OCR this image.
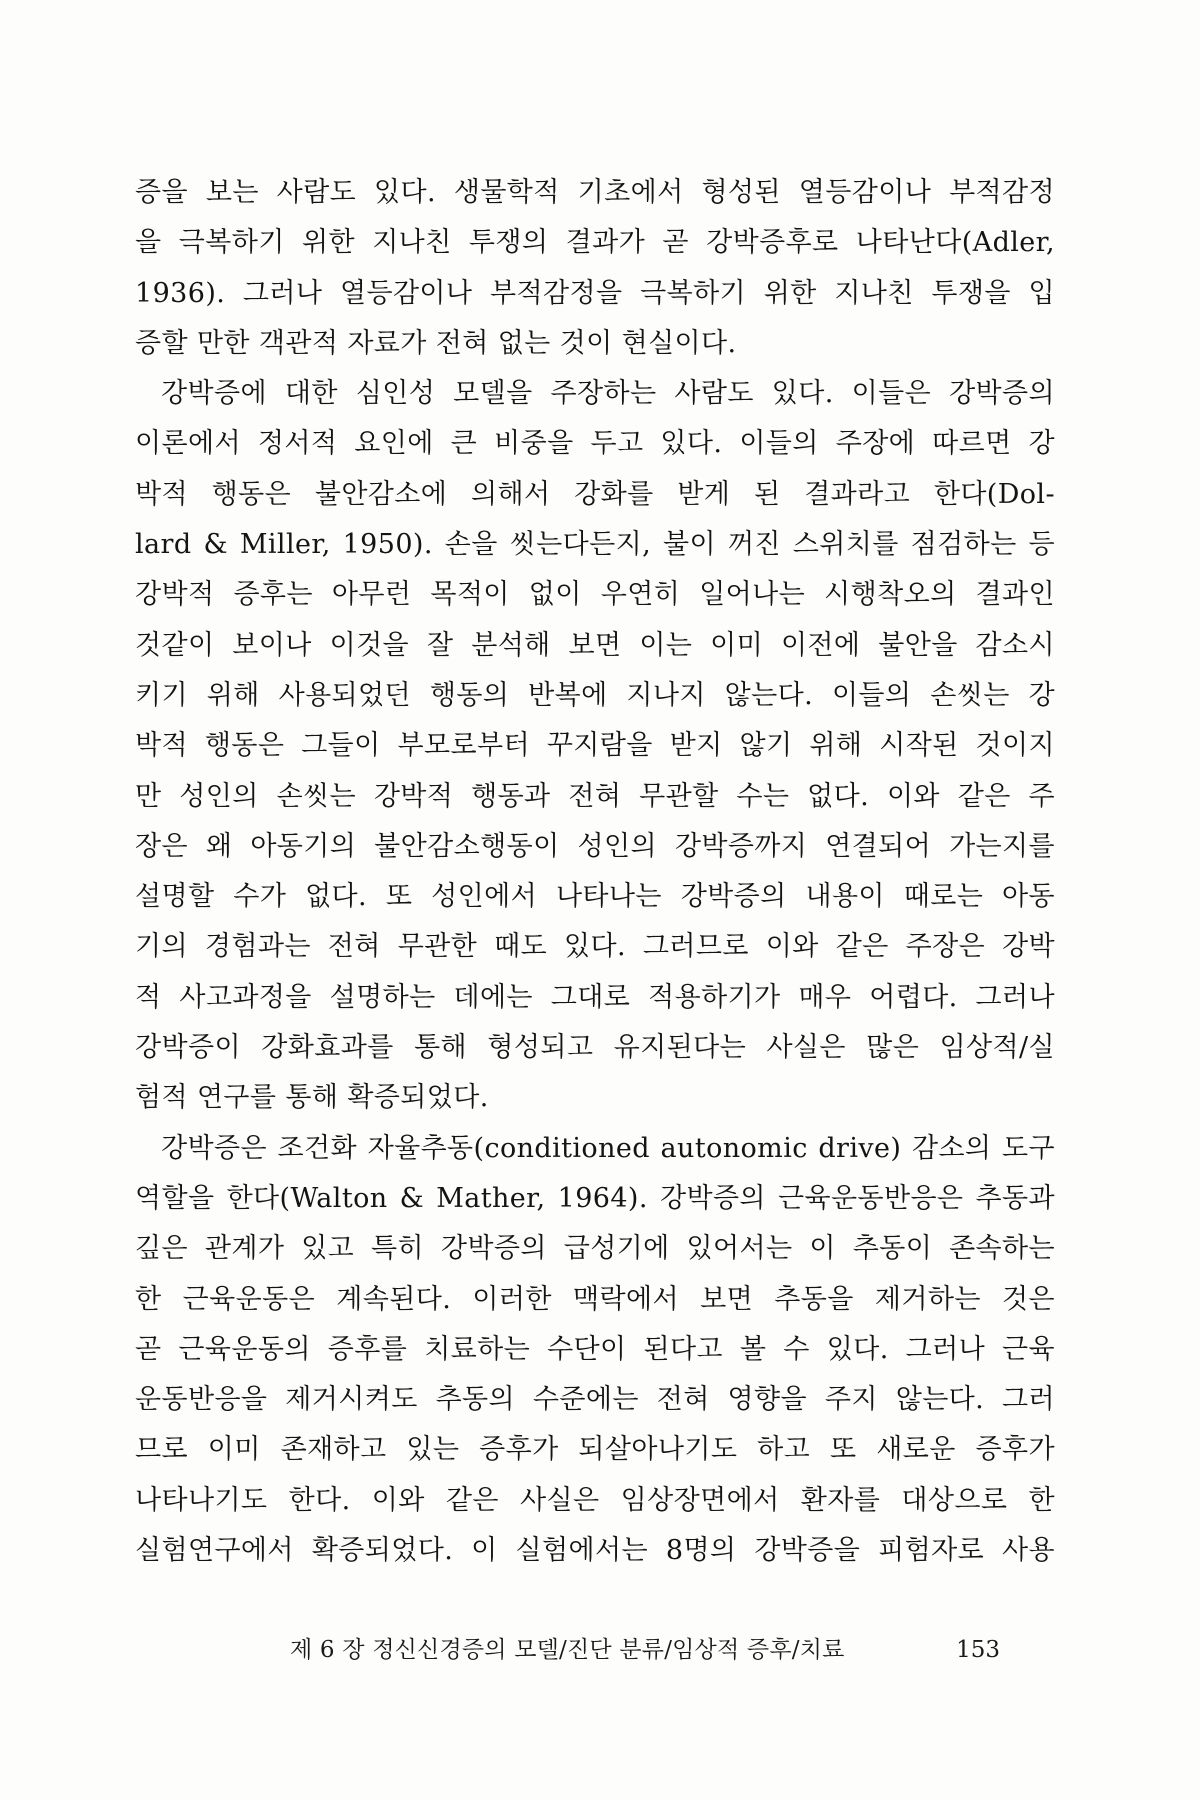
증을 보는 사람도 있다. 생물학적 기초에서 형성된 열등감이나 부적감정
을 극복하기 위한 지나친 투쟁의 결과가 곧 강박증후로 나타난다(Adler,
1936). 그러나 열등감이나 부적감정을 극복하기 위한 지나친 투쟁을 입
증할 만한 객관적 자료가 전혀 없는 것이 현실이다.
강박증에 대한 심인성 모델을 주장하는 사람도 있다. 이들은 강박증의
이론에서 정서적 요인에 큰 비중을 두고 있다. 이들의 주장에 따르면 강
박적 행동은 불안감소에 의해서 강화를 받게 된 결과라고 한다(Dol-
lard & Miller, 1950). 손을 씻는다든지, 불이 꺼진 스위치를 점검하는 등
강박적 증후는 아무런 목적이 없이 우연히 일어나는 시행착오의 결과인
것같이 보이나 이것을 잘 분석해 보면 이는 이미 이전에 불안을 감소시
키기 위해 사용되었던 행동의 반복에 지나지 않는다. 이들의 손씻는 강
박적 행동은 그들이 부모로부터 꾸지람을 받지 않기 위해 시작된 것이지
만 성인의 손씻는 강박적 행동과 전혀 무관할 수는 없다. 이와 같은 주
장은 왜 아동기의 불안감소행동이 성인의 강박증까지 연결되어 가는지를
설명할 수가 없다. 또 성인에서 나타나는 강박증의 내용이 때로는 아동
기의 경험과는 전혀 무관한 때도 있다. 그러므로 이와 같은 주장은 강박
적 사고과정을 설명하는 데에는 그대로 적용하기가 매우 어렵다. 그러나
강박증이 강화효과를 통해 형성되고 유지된다는 사실은 많은 임상적/실
험적 연구를 통해 확증되었다.
강박증은 조건화 자율추동(conditioned autonomic drive) 감소의 도구
역할을 한다(Walton & Mather, 1964). 강박증의 근육운동반응은 추동과
깊은 관계가 있고 특히 강박증의 급성기에 있어서는 이 추동이 존속하는
한 근육운동은 계속된다. 이러한 맥락에서 보면 추동을 제거하는 것은
곧 근육운동의 증후를 치료하는 수단이 된다고 볼 수 있다. 그러나 근육
운동반응을 제거시켜도 추동의 수준에는 전혀 영향을 주지 않는다. 그러
므로 이미 존재하고 있는 증후가 되살아나기도 하고 또 새로운 증후가
나타나기도 한다. 이와 같은 사실은 임상장면에서 환자를 대상으로 한
실험연구에서 확증되었다. 이 실험에서는 8명의 강박증을 피험자로 사용
제 6 장 정신신경증의 모델/진단 분류/임상적 증후/치료	153
